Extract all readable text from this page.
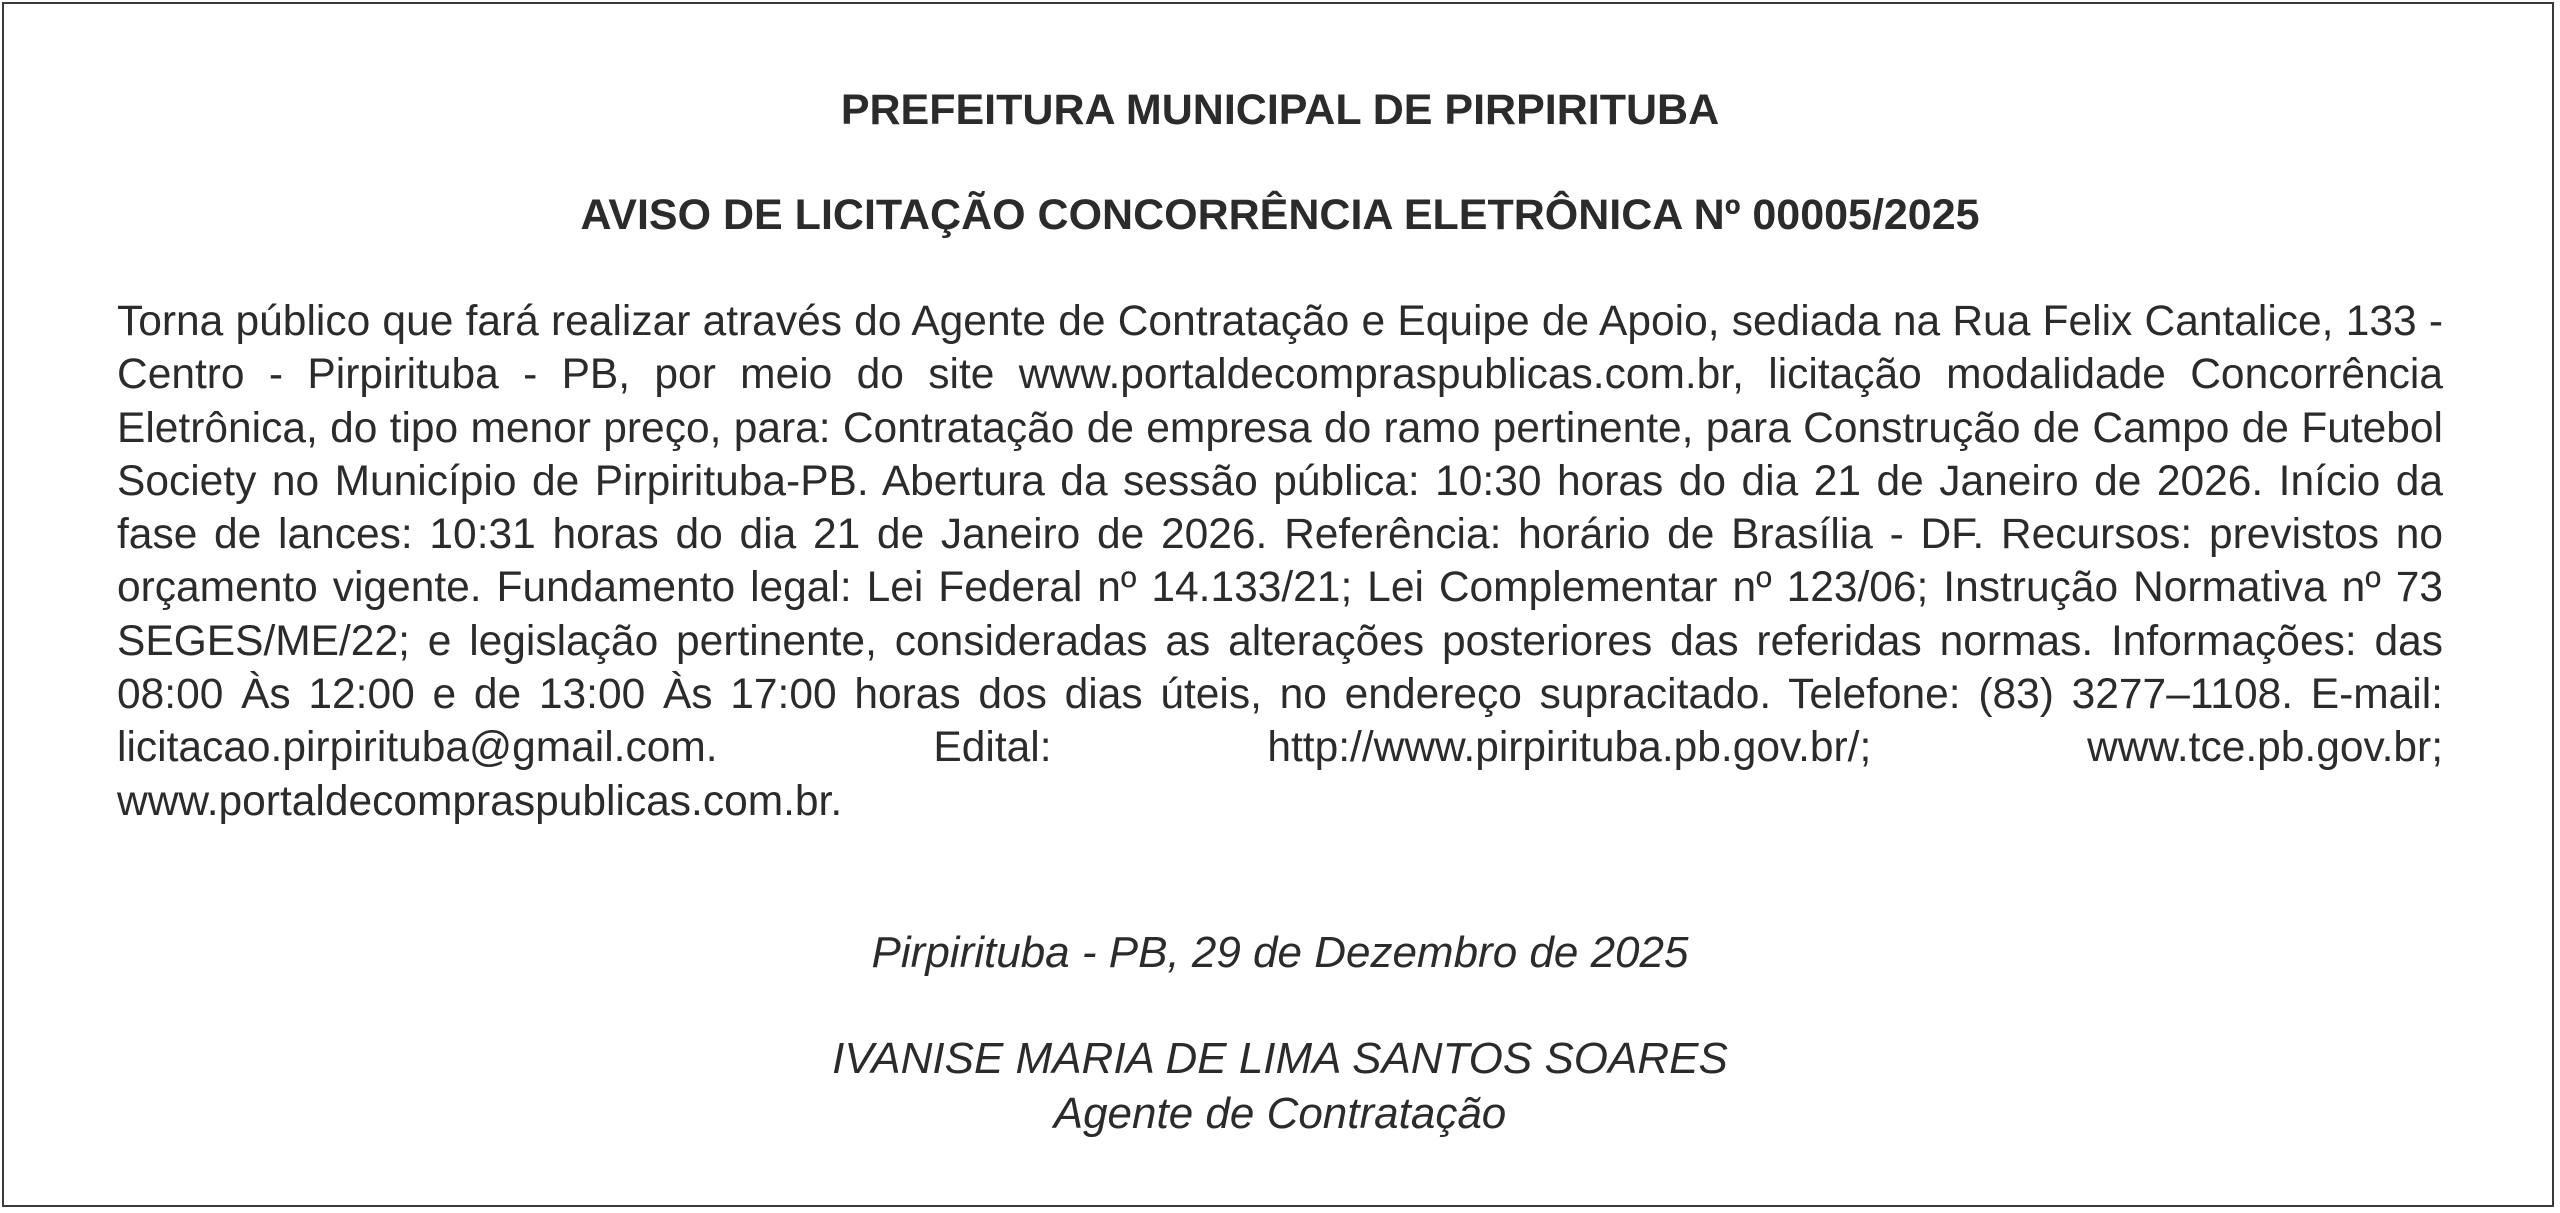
PREFEITURA MUNICIPAL DE PIRPIRITUBA
AVISO DE LICITAÇÃO CONCORRÊNCIA ELETRÔNICA Nº 00005/2025
Torna público que fará realizar através do Agente de Contratação e Equipe de Apoio, sediada na Rua Felix Cantalice, 133 - Centro - Pirpirituba - PB, por meio do site www.portaldecompraspublicas.com.br, licitação modalidade Concorrência Eletrônica, do tipo menor preço, para: Contratação de empresa do ramo pertinente, para Construção de Campo de Futebol Society no Município de Pirpirituba-PB. Abertura da sessão pública: 10:30 horas do dia 21 de Janeiro de 2026. Início da fase de lances: 10:31 horas do dia 21 de Janeiro de 2026. Referência: horário de Brasília - DF. Recursos: previstos no orçamento vigente. Fundamento legal: Lei Federal nº 14.133/21; Lei Complementar nº 123/06; Instrução Normativa nº 73 SEGES/ME/22; e legislação pertinente, consideradas as alterações posteriores das referidas normas. Informações: das 08:00 Às 12:00 e de 13:00 Às 17:00 horas dos dias úteis, no endereço supracitado. Telefone: (83) 3277–1108. E-mail: licitacao.pirpirituba@gmail.com. Edital: http://www.pirpirituba.pb.gov.br/; www.tce.pb.gov.br; www.portaldecompraspublicas.com.br.
Pirpirituba - PB, 29 de Dezembro de 2025
IVANISE MARIA DE LIMA SANTOS SOARES
Agente de Contratação
